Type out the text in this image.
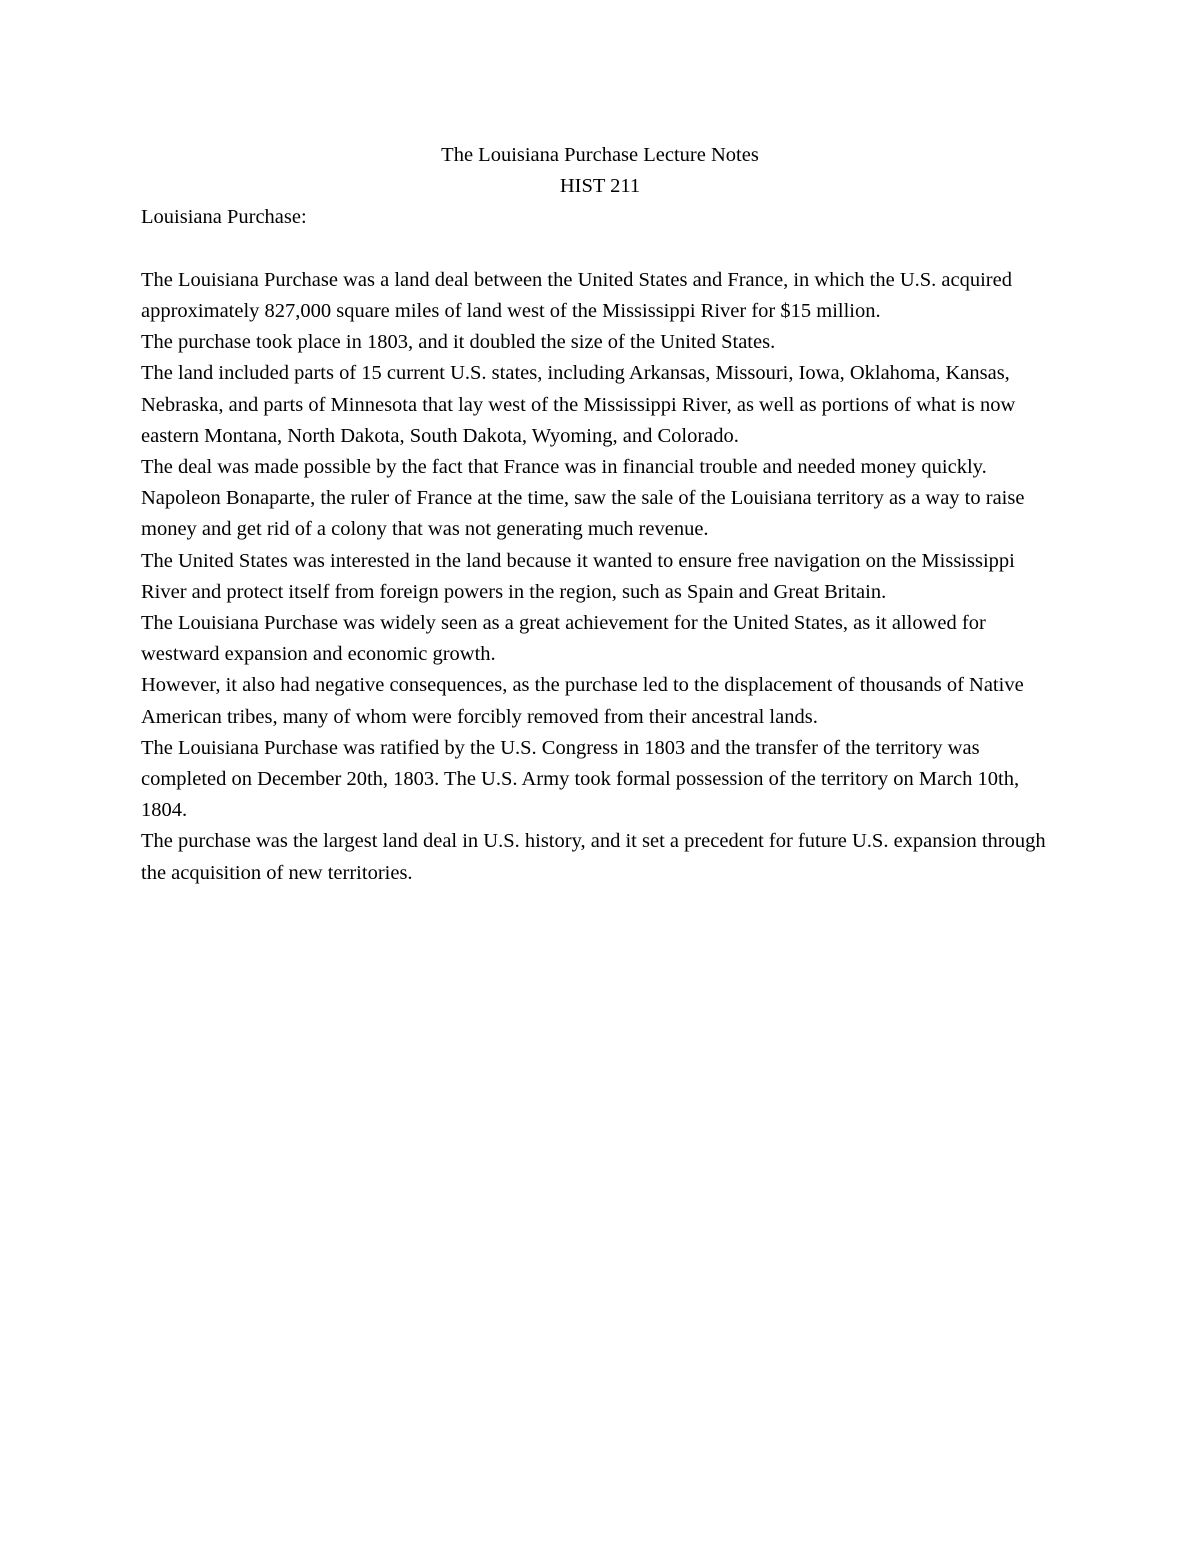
The Louisiana Purchase Lecture Notes

HIST 211

Louisiana Purchase:

The Louisiana Purchase was a land deal between the United States and France, in which the U.S. acquired approximately 827,000 square miles of land west of the Mississippi River for $15 million.

The purchase took place in 1803, and it doubled the size of the United States.

The land included parts of 15 current U.S. states, including Arkansas, Missouri, Iowa, Oklahoma, Kansas, Nebraska, and parts of Minnesota that lay west of the Mississippi River, as well as portions of what is now eastern Montana, North Dakota, South Dakota, Wyoming, and Colorado.

The deal was made possible by the fact that France was in financial trouble and needed money quickly. Napoleon Bonaparte, the ruler of France at the time, saw the sale of the Louisiana territory as a way to raise money and get rid of a colony that was not generating much revenue.

The United States was interested in the land because it wanted to ensure free navigation on the Mississippi River and protect itself from foreign powers in the region, such as Spain and Great Britain.

The Louisiana Purchase was widely seen as a great achievement for the United States, as it allowed for westward expansion and economic growth.

However, it also had negative consequences, as the purchase led to the displacement of thousands of Native American tribes, many of whom were forcibly removed from their ancestral lands.

The Louisiana Purchase was ratified by the U.S. Congress in 1803 and the transfer of the territory was completed on December 20th, 1803. The U.S. Army took formal possession of the territory on March 10th, 1804.

The purchase was the largest land deal in U.S. history, and it set a precedent for future U.S. expansion through the acquisition of new territories.
